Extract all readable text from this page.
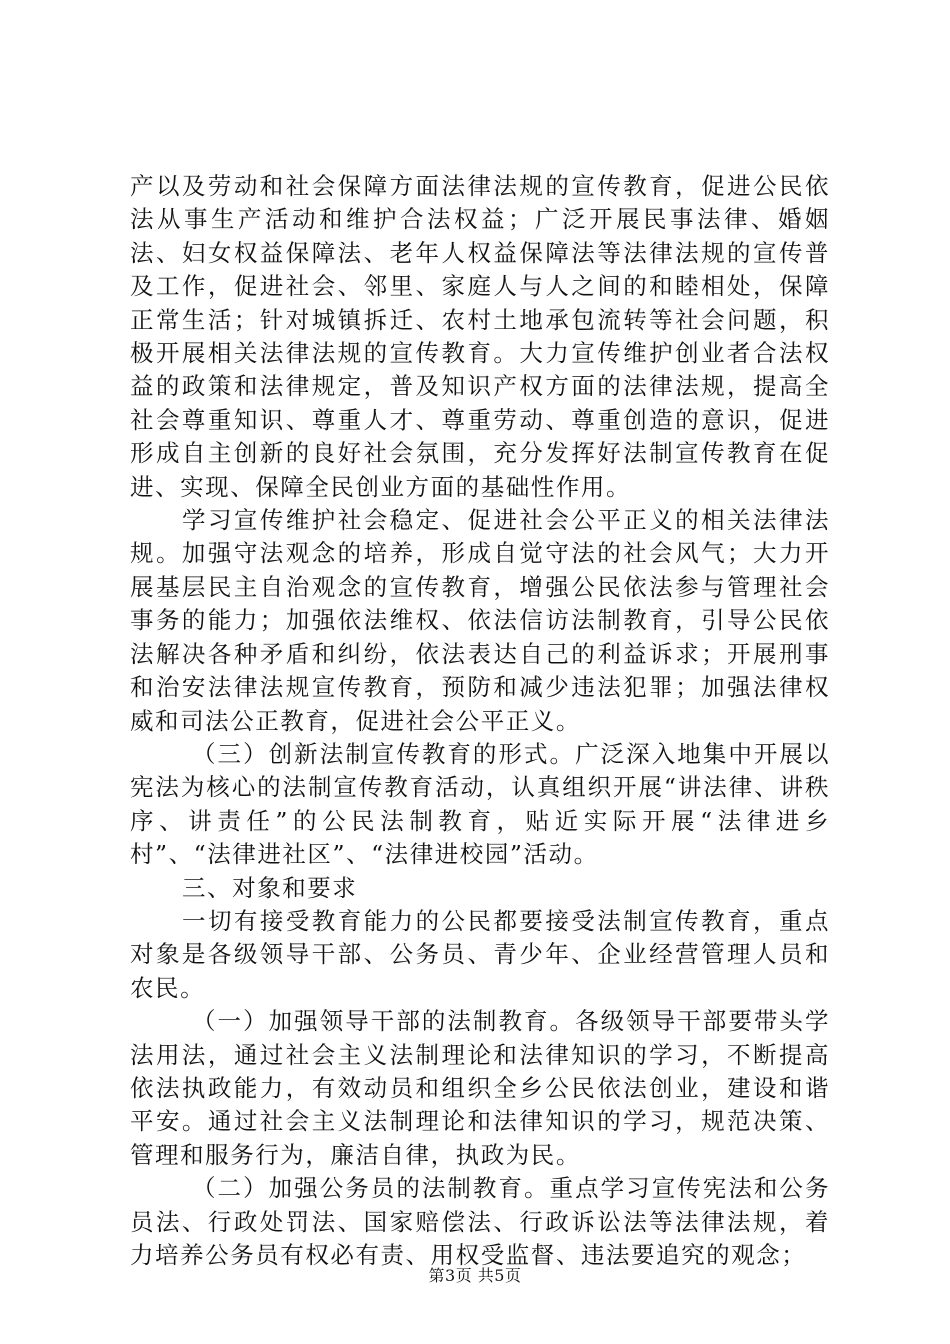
产以及劳动和社会保障方面法律法规的宣传教育，促进公民依法从事生产活动和维护合法权益；广泛开展民事法律、婚姻法、妇女权益保障法、老年人权益保障法等法律法规的宣传普及工作，促进社会、邻里、家庭人与人之间的和睦相处，保障正常生活；针对城镇拆迁、农村土地承包流转等社会问题，积极开展相关法律法规的宣传教育。大力宣传维护创业者合法权益的政策和法律规定，普及知识产权方面的法律法规，提高全社会尊重知识、尊重人才、尊重劳动、尊重创造的意识，促进形成自主创新的良好社会氛围，充分发挥好法制宣传教育在促进、实现、保障全民创业方面的基础性作用。

学习宣传维护社会稳定、促进社会公平正义的相关法律法规。加强守法观念的培养，形成自觉守法的社会风气；大力开展基层民主自治观念的宣传教育，增强公民依法参与管理社会事务的能力；加强依法维权、依法信访法制教育，引导公民依法解决各种矛盾和纠纷，依法表达自己的利益诉求；开展刑事和治安法律法规宣传教育，预防和减少违法犯罪；加强法律权威和司法公正教育，促进社会公平正义。

（三）创新法制宣传教育的形式。广泛深入地集中开展以宪法为核心的法制宣传教育活动，认真组织开展“讲法律、讲秩序、讲责任”的公民法制教育，贴近实际开展“法律进乡村”、“法律进社区”、“法律进校园”活动。

三、对象和要求

一切有接受教育能力的公民都要接受法制宣传教育，重点对象是各级领导干部、公务员、青少年、企业经营管理人员和农民。

（一）加强领导干部的法制教育。各级领导干部要带头学法用法，通过社会主义法制理论和法律知识的学习，不断提高依法执政能力，有效动员和组织全乡公民依法创业，建设和谐平安。通过社会主义法制理论和法律知识的学习，规范决策、管理和服务行为，廉洁自律，执政为民。

（二）加强公务员的法制教育。重点学习宣传宪法和公务员法、行政处罚法、国家赔偿法、行政诉讼法等法律法规，着力培养公务员有权必有责、用权受监督、违法要追究的观念；

第3页 共5页
